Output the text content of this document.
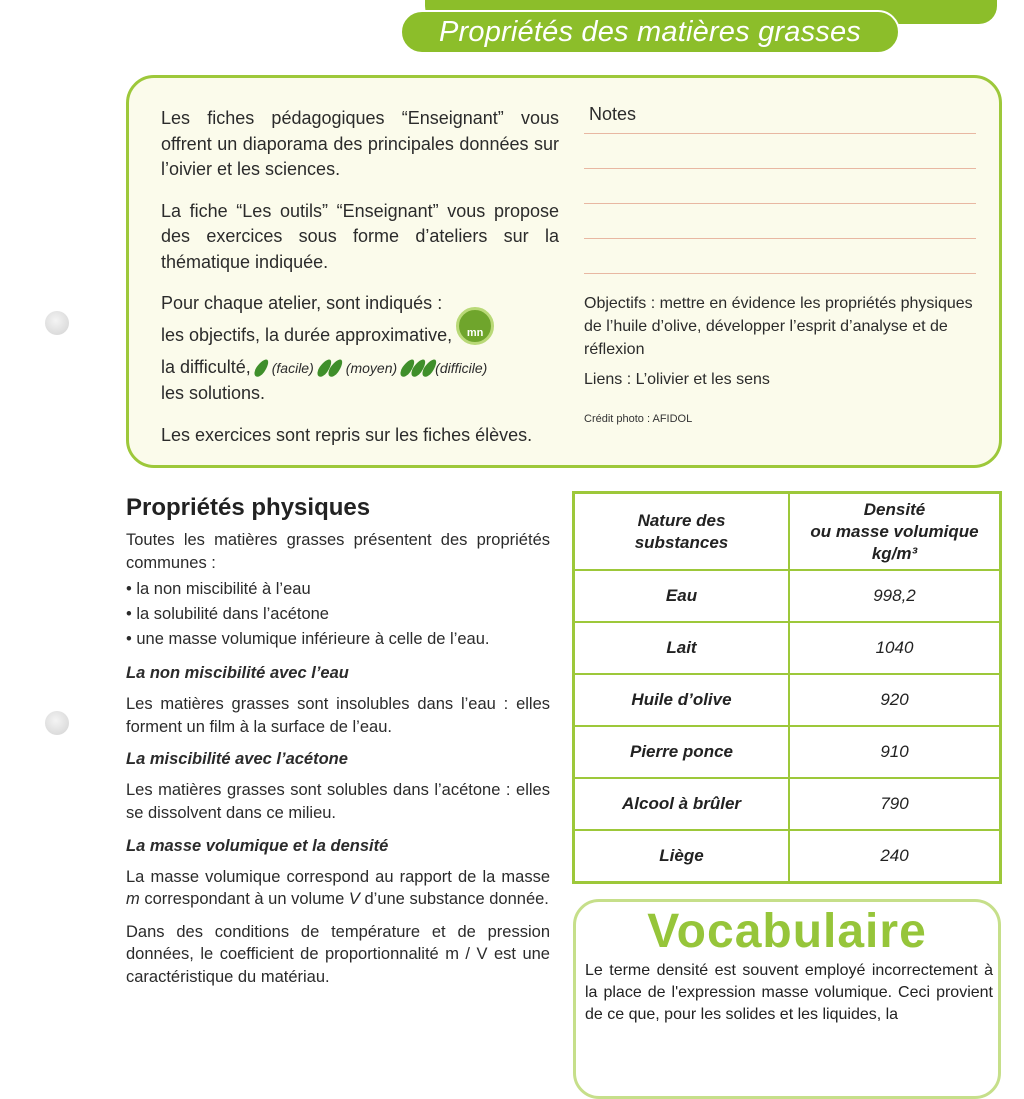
Propriétés des matières grasses

Les fiches pédagogiques “Enseignant” vous offrent un diaporama des principales données sur l’oivier et les sciences.

La fiche “Les outils” “Enseignant” vous propose des exercices sous forme d’ateliers sur la thématique indiquée.

Pour chaque atelier, sont indiqués :
les objectifs, la durée approximative,	mn

la difficulté, (facile) (moyen)	(difficile)
les solutions.

Les exercices sont repris sur les fiches élèves.

Notes
Objectifs : mettre en évidence les propriétés physiques de l’huile d’olive, développer l’esprit d’analyse et de réflexion
Liens : L’olivier et les sens
Crédit photo : AFIDOL
Propriétés physiques

Toutes les matières grasses présentent des propriétés communes :

• la non miscibilité à l’eau
• la solubilité dans l’acétone
• une masse volumique inférieure à celle de l’eau.
La non miscibilité avec l’eau

Les matières grasses sont insolubles dans l’eau : elles forment un film à la surface de l’eau.

La miscibilité avec l’acétone

Les matières grasses sont solubles dans l’acétone : elles se dissolvent dans ce milieu.

La masse volumique et la densité

La masse volumique correspond au rapport de la masse m correspondant à un volume V d’une substance donnée.

Dans des conditions de température et de pression données, le coefficient de proportionnalité m / V est une caractéristique du matériau.

Nature des substances	Densité
ou masse volumique
kg/m³
Eau	998,2
Lait	1040
Huile d’olive	920
Pierre ponce	910
Alcool à brûler	790
Liège	240
Vocabulaire
Le terme densité est souvent employé incorrectement à la place de l'expression masse volumique. Ceci provient de ce que, pour les solides et les liquides, la
